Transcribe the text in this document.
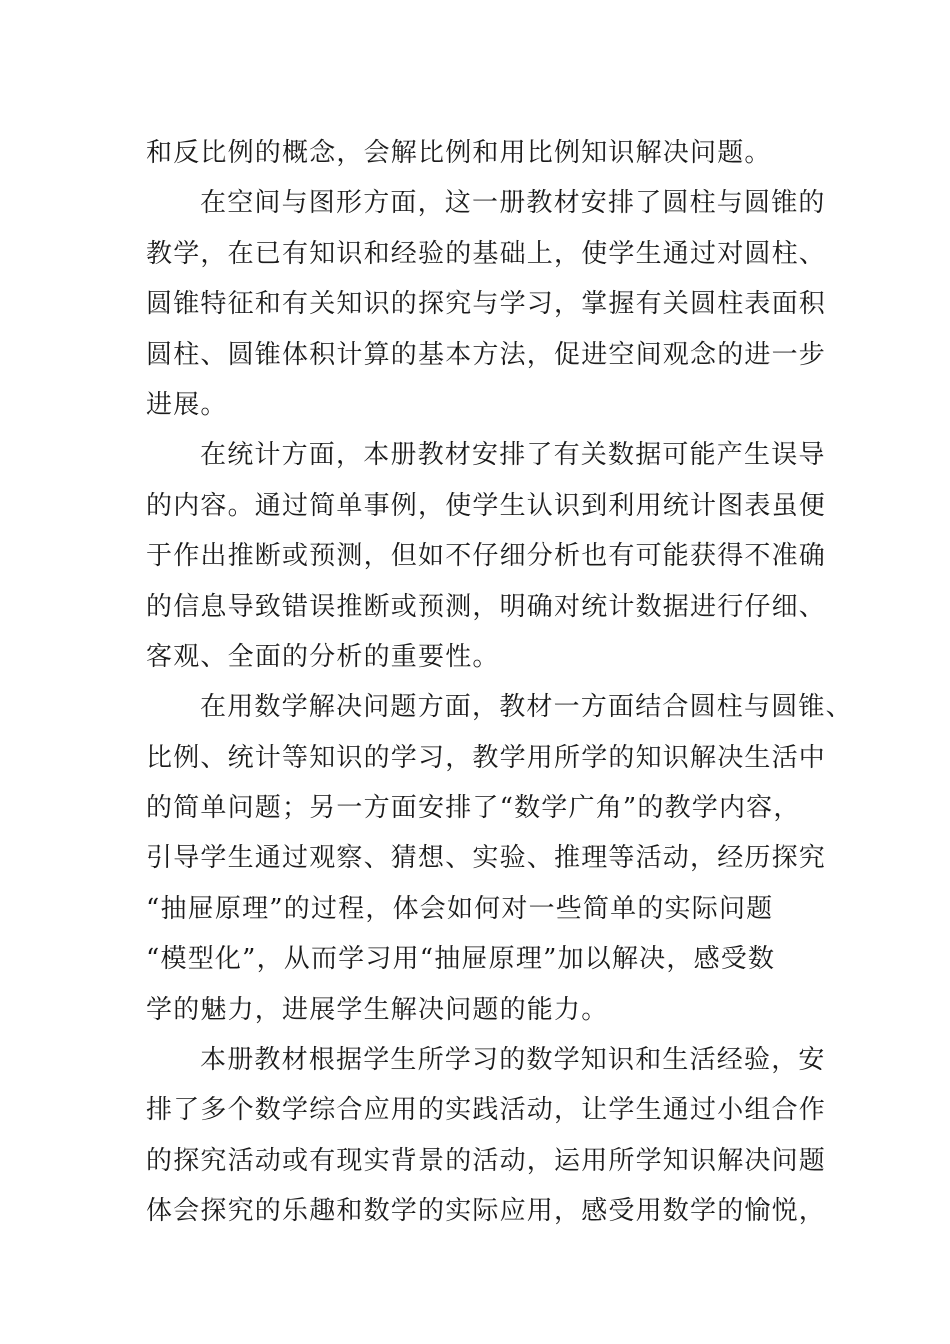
和反比例的概念，会解比例和用比例知识解决问题。
在空间与图形方面，这一册教材安排了圆柱与圆锥的
教学，在已有知识和经验的基础上，使学生通过对圆柱、
圆锥特征和有关知识的探究与学习，掌握有关圆柱表面积
圆柱、圆锥体积计算的基本方法，促进空间观念的进一步
进展。
在统计方面，本册教材安排了有关数据可能产生误导
的内容。通过简单事例，使学生认识到利用统计图表虽便
于作出推断或预测，但如不仔细分析也有可能获得不准确
的信息导致错误推断或预测，明确对统计数据进行仔细、
客观、全面的分析的重要性。
在用数学解决问题方面，教材一方面结合圆柱与圆锥、
比例、统计等知识的学习，教学用所学的知识解决生活中
的简单问题；另一方面安排了“数学广角”的教学内容，
引导学生通过观察、猜想、实验、推理等活动，经历探究
“抽屉原理”的过程，体会如何对一些简单的实际问题
“模型化”，从而学习用“抽屉原理”加以解决，感受数
学的魅力，进展学生解决问题的能力。
本册教材根据学生所学习的数学知识和生活经验，安
排了多个数学综合应用的实践活动，让学生通过小组合作
的探究活动或有现实背景的活动，运用所学知识解决问题
体会探究的乐趣和数学的实际应用，感受用数学的愉悦，
